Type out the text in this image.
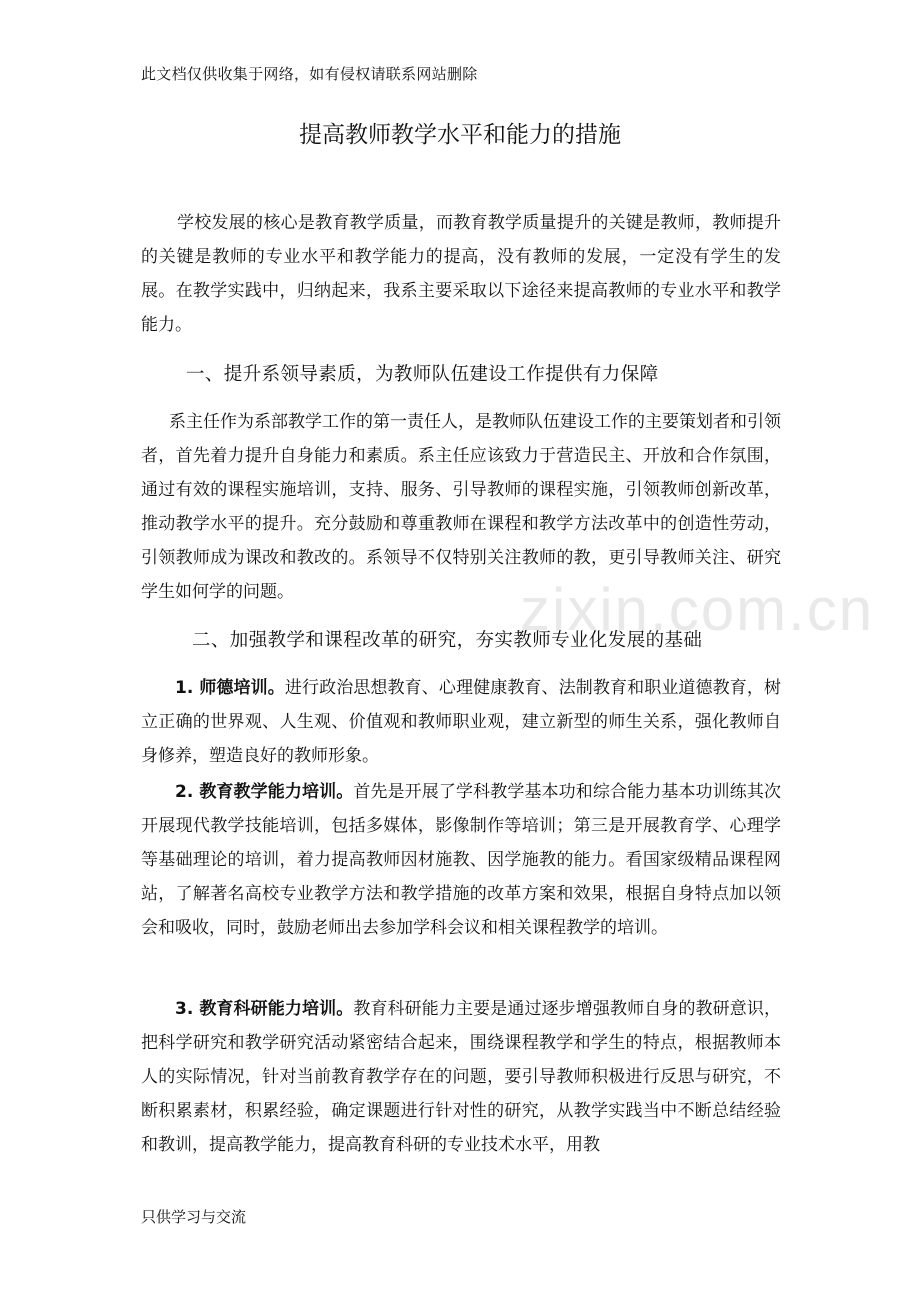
此文档仅供收集于网络，如有侵权请联系网站删除
提高教师教学水平和能力的措施
zixin.com.cn
学校发展的核心是教育教学质量，而教育教学质量提升的关键是教师，教师提升的关键是教师的专业水平和教学能力的提高，没有教师的发展，一定没有学生的发展。在教学实践中，归纳起来，我系主要采取以下途径来提高教师的专业水平和教学能力。
一、提升系领导素质，为教师队伍建设工作提供有力保障
系主任作为系部教学工作的第一责任人，是教师队伍建设工作的主要策划者和引领者，首先着力提升自身能力和素质。系主任应该致力于营造民主、开放和合作氛围，通过有效的课程实施培训，支持、服务、引导教师的课程实施，引领教师创新改革，推动教学水平的提升。充分鼓励和尊重教师在课程和教学方法改革中的创造性劳动，引领教师成为课改和教改的。系领导不仅特别关注教师的教，更引导教师关注、研究学生如何学的问题。
二、加强教学和课程改革的研究，夯实教师专业化发展的基础
1. 师德培训。进行政治思想教育、心理健康教育、法制教育和职业道德教育，树立正确的世界观、人生观、价值观和教师职业观，建立新型的师生关系，强化教师自身修养，塑造良好的教师形象。
2. 教育教学能力培训。首先是开展了学科教学基本功和综合能力基本功训练其次开展现代教学技能培训，包括多媒体，影像制作等培训；第三是开展教育学、心理学等基础理论的培训，着力提高教师因材施教、因学施教的能力。看国家级精品课程网站，了解著名高校专业教学方法和教学措施的改革方案和效果，根据自身特点加以领会和吸收，同时，鼓励老师出去参加学科会议和相关课程教学的培训。
3. 教育科研能力培训。教育科研能力主要是通过逐步增强教师自身的教研意识，把科学研究和教学研究活动紧密结合起来，围绕课程教学和学生的特点，根据教师本人的实际情况，针对当前教育教学存在的问题，要引导教师积极进行反思与研究，不断积累素材，积累经验，确定课题进行针对性的研究，从教学实践当中不断总结经验和教训，提高教学能力，提高教育科研的专业技术水平，用教
只供学习与交流
